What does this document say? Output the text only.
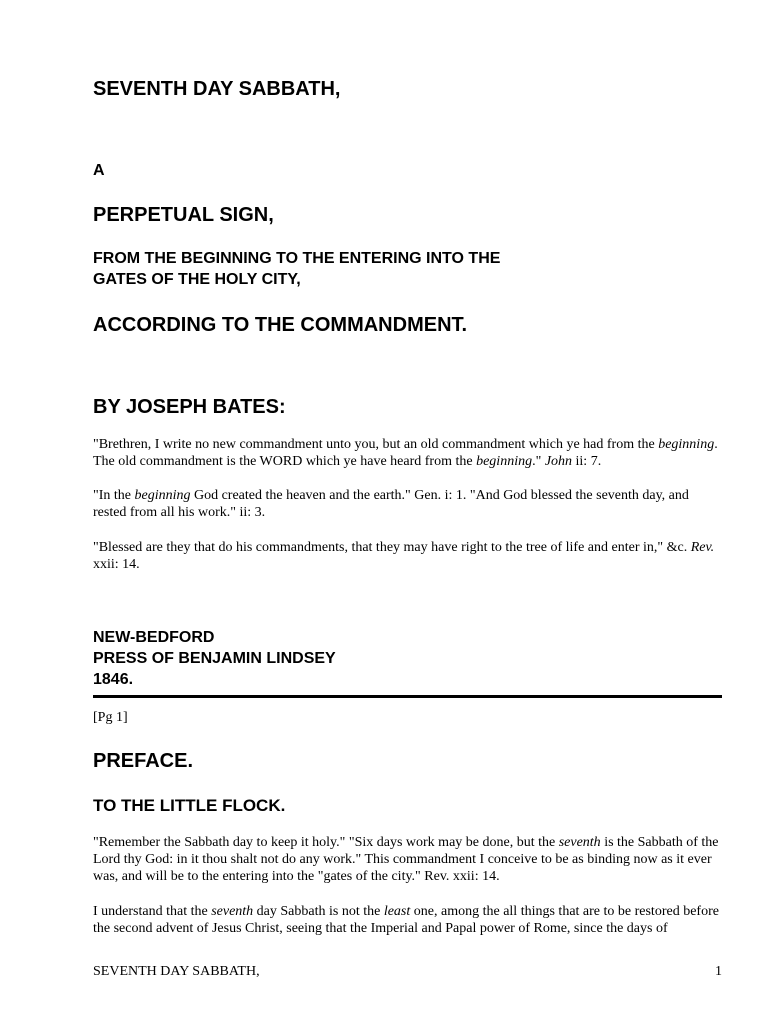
SEVENTH DAY SABBATH,
A
PERPETUAL SIGN,
FROM THE BEGINNING TO THE ENTERING INTO THE
GATES OF THE HOLY CITY,
ACCORDING TO THE COMMANDMENT.
BY JOSEPH BATES:

"Brethren, I write no new commandment unto you, but an old commandment which ye had from the beginning. The old commandment is the WORD which ye have heard from the beginning." John ii: 7.

"In the beginning God created the heaven and the earth." Gen. i: 1. "And God blessed the seventh day, and rested from all his work." ii: 3.

"Blessed are they that do his commandments, that they may have right to the tree of life and enter in," &c. Rev. xxii: 14.

NEW-BEDFORD
PRESS OF BENJAMIN LINDSEY
1846.

[Pg 1]

PREFACE.
TO THE LITTLE FLOCK.

"Remember the Sabbath day to keep it holy." "Six days work may be done, but the seventh is the Sabbath of the Lord thy God: in it thou shalt not do any work." This commandment I conceive to be as binding now as it ever was, and will be to the entering into the "gates of the city." Rev. xxii: 14.

I understand that the seventh day Sabbath is not the least one, among the all things that are to be restored before the second advent of Jesus Christ, seeing that the Imperial and Papal power of Rome, since the days of

SEVENTH DAY SABBATH,	1
